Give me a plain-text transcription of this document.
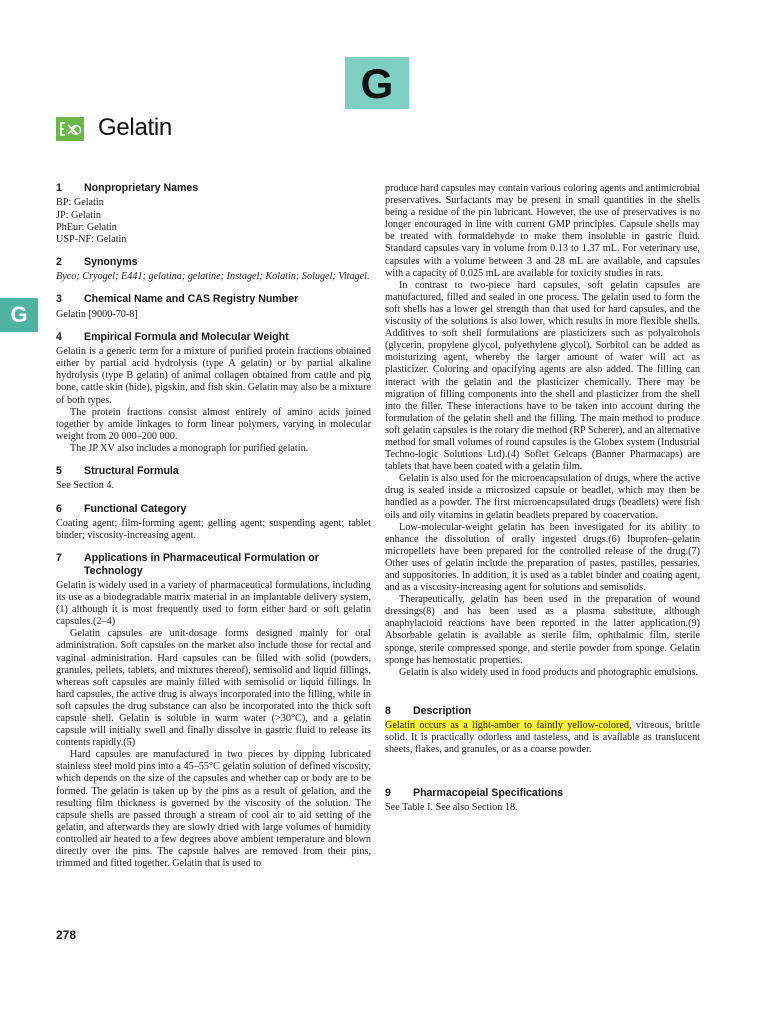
G
G
Gelatin
1	Nonproprietary Names
BP: Gelatin
JP: Gelatin
PhEur: Gelatin
USP-NF: Gelatin
2	Synonyms

Byco; Cryogel; E441; gelatina; gelatine; Instagel; Kolatin; Solugel; Vitagel.

3	Chemical Name and CAS Registry Number

Gelatin [9000-70-8]

4	Empirical Formula and Molecular Weight

Gelatin is a generic term for a mixture of purified protein fractions obtained either by partial acid hydrolysis (type A gelatin) or by partial alkaline hydrolysis (type B gelatin) of animal collagen obtained from cattle and pig bone, cattle skin (hide), pigskin, and fish skin. Gelatin may also be a mixture of both types.

The protein fractions consist almost entirely of amino acids joined together by amide linkages to form linear polymers, varying in molecular weight from 20 000–200 000.

The JP XV also includes a monograph for purified gelatin.

5	Structural Formula

See Section 4.

6	Functional Category

Coating agent; film-forming agent; gelling agent; suspending agent; tablet binder; viscosity-increasing agent.

7	Applications in Pharmaceutical Formulation or Technology

Gelatin is widely used in a variety of pharmaceutical formulations, including its use as a biodegradable matrix material in an implantable delivery system,(1) although it is most frequently used to form either hard or soft gelatin capsules.(2–4)

Gelatin capsules are unit-dosage forms designed mainly for oral administration. Soft capsules on the market also include those for rectal and vaginal administration. Hard capsules can be filled with solid (powders, granules, pellets, tablets, and mixtures thereof), semisolid and liquid fillings, whereas soft capsules are mainly filled with semisolid or liquid fillings. In hard capsules, the active drug is always incorporated into the filling, while in soft capsules the drug substance can also be incorporated into the thick soft capsule shell. Gelatin is soluble in warm water (>30°C), and a gelatin capsule will initially swell and finally dissolve in gastric fluid to release its contents rapidly.(5)

Hard capsules are manufactured in two pieces by dipping lubricated stainless steel mold pins into a 45–55°C gelatin solution of defined viscosity, which depends on the size of the capsules and whether cap or body are to be formed. The gelatin is taken up by the pins as a result of gelation, and the resulting film thickness is governed by the viscosity of the solution. The capsule shells are passed through a stream of cool air to aid setting of the gelatin, and afterwards they are slowly dried with large volumes of humidity controlled air heated to a few degrees above ambient temperature and blown directly over the pins. The capsule halves are removed from their pins, trimmed and fitted together. Gelatin that is used to

produce hard capsules may contain various coloring agents and antimicrobial preservatives. Surfactants may be present in small quantities in the shells being a residue of the pin lubricant. However, the use of preservatives is no longer encouraged in line with current GMP principles. Capsule shells may be treated with formaldehyde to make them insoluble in gastric fluid. Standard capsules vary in volume from 0.13 to 1.37 mL. For veterinary use, capsules with a volume between 3 and 28 mL are available, and capsules with a capacity of 0.025 mL are available for toxicity studies in rats.

In contrast to two-piece hard capsules, soft gelatin capsules are manufactured, filled and sealed in one process. The gelatin used to form the soft shells has a lower gel strength than that used for hard capsules, and the viscosity of the solutions is also lower, which results in more flexible shells. Additives to soft shell formulations are plasticizers such as polyalcohols (glycerin, propylene glycol, polyethylene glycol). Sorbitol can be added as moisturizing agent, whereby the larger amount of water will act as plasticizer. Coloring and opacifying agents are also added. The filling can interact with the gelatin and the plasticizer chemically. There may be migration of filling components into the shell and plasticizer from the shell into the filler. These interactions have to be taken into account during the formulation of the gelatin shell and the filling. The main method to produce soft gelatin capsules is the rotary die method (RP Scherer), and an alternative method for small volumes of round capsules is the Globex system (Industrial Techno-logic Solutions Ltd).(4) Soflet Gelcaps (Banner Pharmacaps) are tablets that have been coated with a gelatin film.

Gelatin is also used for the microencapsulation of drugs, where the active drug is sealed inside a microsized capsule or beadlet, which may then be handled as a powder. The first microencapsulated drugs (beadlets) were fish oils and oily vitamins in gelatin beadlets prepared by coacervation.

Low-molecular-weight gelatin has been investigated for its ability to enhance the dissolution of orally ingested drugs.(6) Ibuprofen–gelatin micropellets have been prepared for the controlled release of the drug.(7) Other uses of gelatin include the preparation of pastes, pastilles, pessaries, and suppositories. In addition, it is used as a tablet binder and coating agent, and as a viscosity-increasing agent for solutions and semisolids.

Therapeutically, gelatin has been used in the preparation of wound dressings(8) and has been used as a plasma substitute, although anaphylactoid reactions have been reported in the latter application.(9) Absorbable gelatin is available as sterile film, ophthalmic film, sterile sponge, sterile compressed sponge, and sterile powder from sponge. Gelatin sponge has hemostatic properties.

Gelatin is also widely used in food products and photographic emulsions.

8	Description

Gelatin occurs as a light-amber to faintly yellow-colored, vitreous, brittle solid. It is practically odorless and tasteless, and is available as translucent sheets, flakes, and granules, or as a coarse powder.

9	Pharmacopeial Specifications

See Table I. See also Section 18.

278
